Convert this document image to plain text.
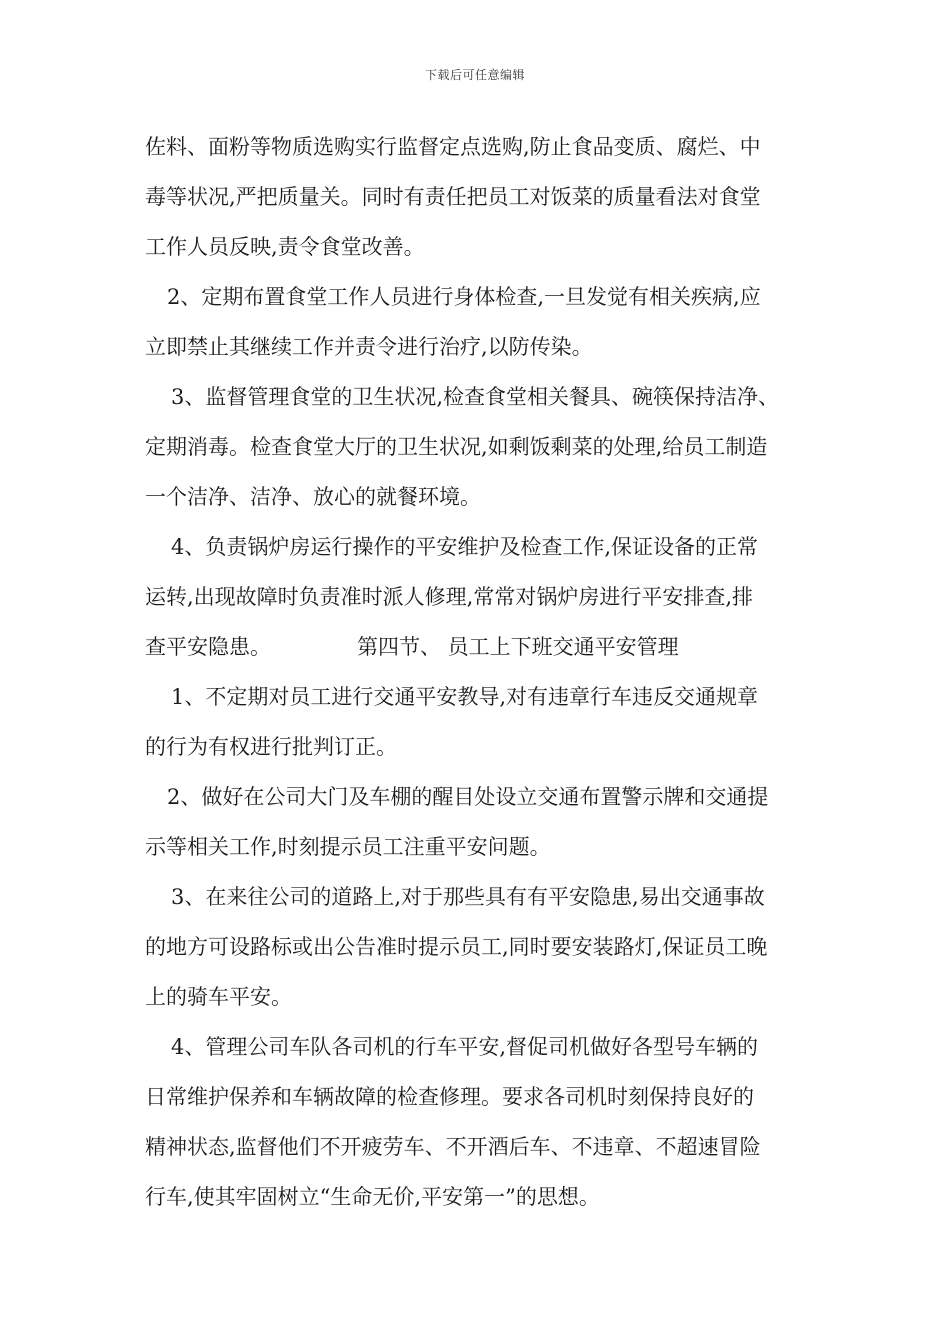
下载后可任意编辑
佐料、面粉等物质选购实行监督定点选购,防止食品变质、腐烂、中
毒等状况,严把质量关。同时有责任把员工对饭菜的质量看法对食堂
工作人员反映,责令食堂改善。
2、定期布置食堂工作人员进行身体检查,一旦发觉有相关疾病,应
立即禁止其继续工作并责令进行治疗,以防传染。
3、监督管理食堂的卫生状况,检查食堂相关餐具、碗筷保持洁净、
定期消毒。检查食堂大厅的卫生状况,如剩饭剩菜的处理,给员工制造
一个洁净、洁净、放心的就餐环境。
4、负责锅炉房运行操作的平安维护及检查工作,保证设备的正常
运转,出现故障时负责准时派人修理,常常对锅炉房进行平安排查,排
查平安隐患。	第四节、 员工上下班交通平安管理
1、不定期对员工进行交通平安教导,对有违章行车违反交通规章
的行为有权进行批判订正。
2、做好在公司大门及车棚的醒目处设立交通布置警示牌和交通提
示等相关工作,时刻提示员工注重平安问题。
3、在来往公司的道路上,对于那些具有有平安隐患,易出交通事故
的地方可设路标或出公告准时提示员工,同时要安装路灯,保证员工晚
上的骑车平安。
4、管理公司车队各司机的行车平安,督促司机做好各型号车辆的
日常维护保养和车辆故障的检查修理。要求各司机时刻保持良好的
精神状态,监督他们不开疲劳车、不开酒后车、不违章、不超速冒险
行车,使其牢固树立“生命无价,平安第一”的思想。
